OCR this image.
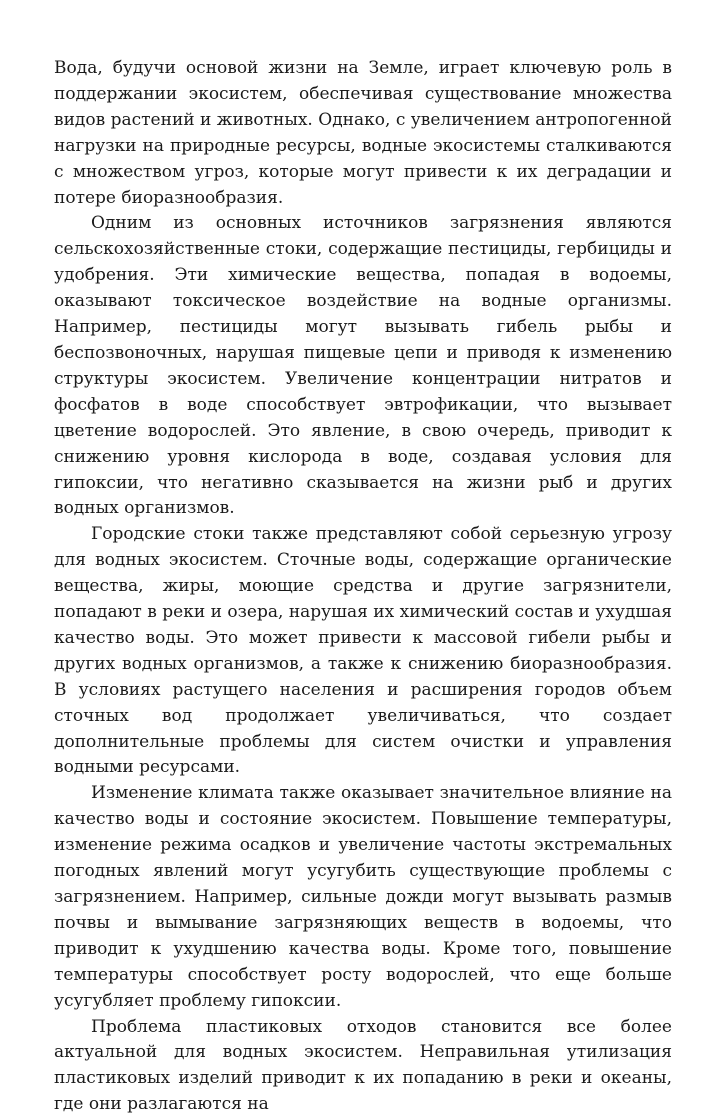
Вода, будучи основой жизни на Земле, играет ключевую роль в поддержании экосистем, обеспечивая существование множества видов растений и животных. Однако, с увеличением антропогенной нагрузки на природные ресурсы, водные экосистемы сталкиваются с множеством угроз, которые могут привести к их деградации и потере биоразнообразия.

Одним из основных источников загрязнения являются сельскохозяйственные стоки, содержащие пестициды, гербициды и удобрения. Эти химические вещества, попадая в водоемы, оказывают токсическое воздействие на водные организмы. Например, пестициды могут вызывать гибель рыбы и беспозвоночных, нарушая пищевые цепи и приводя к изменению структуры экосистем. Увеличение концентрации нитратов и фосфатов в воде способствует эвтрофикации, что вызывает цветение водорослей. Это явление, в свою очередь, приводит к снижению уровня кислорода в воде, создавая условия для гипоксии, что негативно сказывается на жизни рыб и других водных организмов.

Городские стоки также представляют собой серьезную угрозу для водных экосистем. Сточные воды, содержащие органические вещества, жиры, моющие средства и другие загрязнители, попадают в реки и озера, нарушая их химический состав и ухудшая качество воды. Это может привести к массовой гибели рыбы и других водных организмов, а также к снижению биоразнообразия. В условиях растущего населения и расширения городов объем сточных вод продолжает увеличиваться, что создает дополнительные проблемы для систем очистки и управления водными ресурсами.

Изменение климата также оказывает значительное влияние на качество воды и состояние экосистем. Повышение температуры, изменение режима осадков и увеличение частоты экстремальных погодных явлений могут усугубить существующие проблемы с загрязнением. Например, сильные дожди могут вызывать размыв почвы и вымывание загрязняющих веществ в водоемы, что приводит к ухудшению качества воды. Кроме того, повышение температуры способствует росту водорослей, что еще больше усугубляет проблему гипоксии.

Проблема пластиковых отходов становится все более актуальной для водных экосистем. Неправильная утилизация пластиковых изделий приводит к их попаданию в реки и океаны, где они разлагаются на
